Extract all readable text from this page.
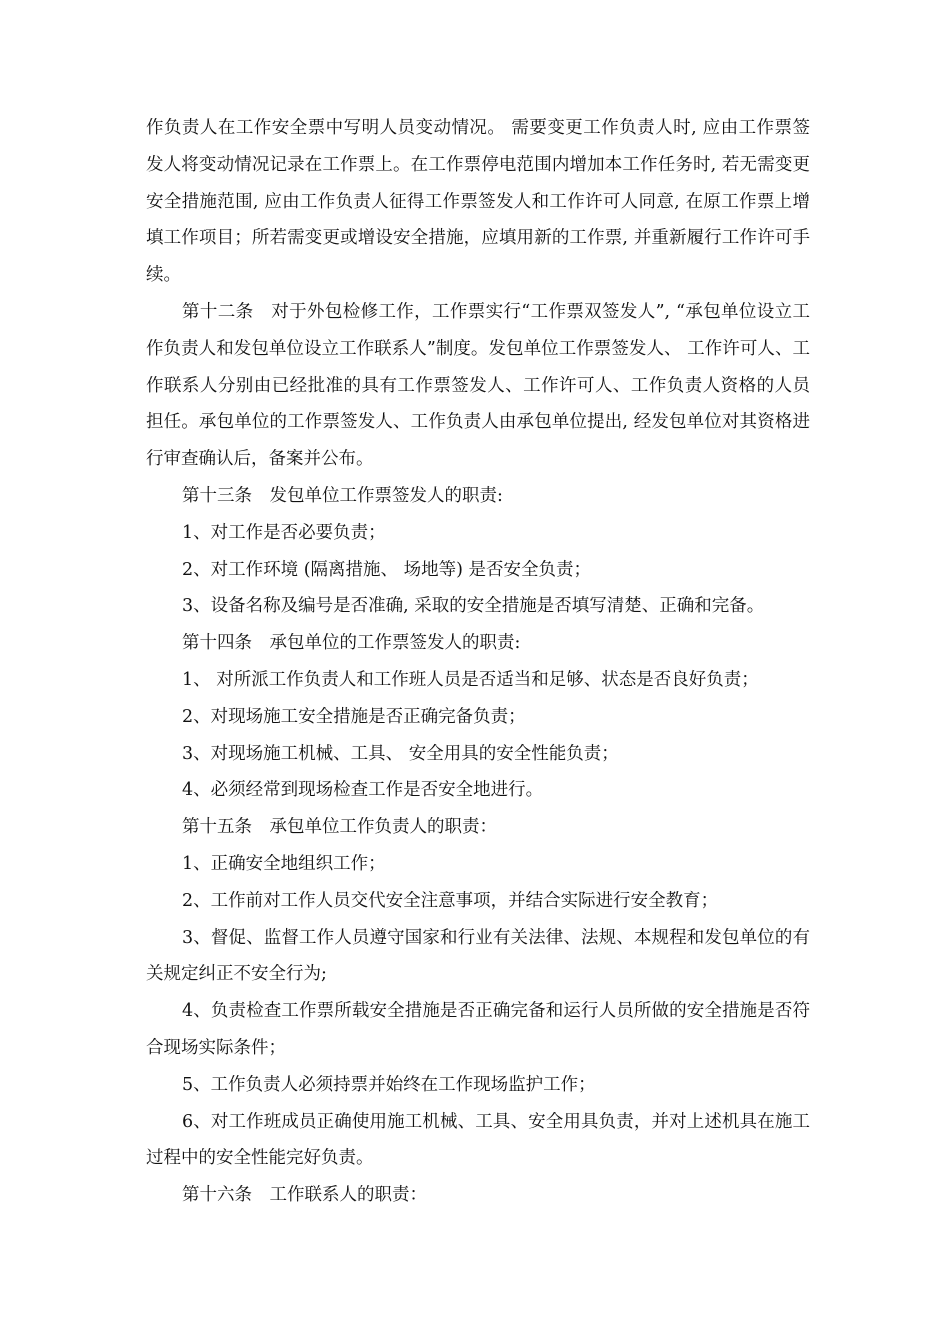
作负责人在工作安全票中写明人员变动情况。 需要变更工作负责人时, 应由工作票签发人将变动情况记录在工作票上。在工作票停电范围内增加本工作任务时, 若无需变更安全措施范围, 应由工作负责人征得工作票签发人和工作许可人同意, 在原工作票上增填工作项目；所若需变更或增设安全措施，应填用新的工作票, 并重新履行工作许可手续。

第十二条　对于外包检修工作，工作票实行“工作票双签发人”, “承包单位设立工作负责人和发包单位设立工作联系人”制度。发包单位工作票签发人、 工作许可人、工作联系人分别由已经批准的具有工作票签发人、工作许可人、工作负责人资格的人员担任。承包单位的工作票签发人、工作负责人由承包单位提出, 经发包单位对其资格进行审查确认后，备案并公布。

第十三条　发包单位工作票签发人的职责:

1、对工作是否必要负责；

2、对工作环境 (隔离措施、 场地等) 是否安全负责；

3、设备名称及编号是否准确, 采取的安全措施是否填写清楚、正确和完备。

第十四条　承包单位的工作票签发人的职责:

1、 对所派工作负责人和工作班人员是否适当和足够、状态是否良好负责；

2、对现场施工安全措施是否正确完备负责；

3、对现场施工机械、工具、 安全用具的安全性能负责；

4、必须经常到现场检查工作是否安全地进行。

第十五条　承包单位工作负责人的职责：

1、正确安全地组织工作；

2、工作前对工作人员交代安全注意事项，并结合实际进行安全教育；

3、督促、监督工作人员遵守国家和行业有关法律、法规、本规程和发包单位的有关规定纠正不安全行为;

4、负责检查工作票所载安全措施是否正确完备和运行人员所做的安全措施是否符合现场实际条件；

5、工作负责人必须持票并始终在工作现场监护工作；

6、对工作班成员正确使用施工机械、工具、安全用具负责，并对上述机具在施工过程中的安全性能完好负责。

第十六条　工作联系人的职责：
